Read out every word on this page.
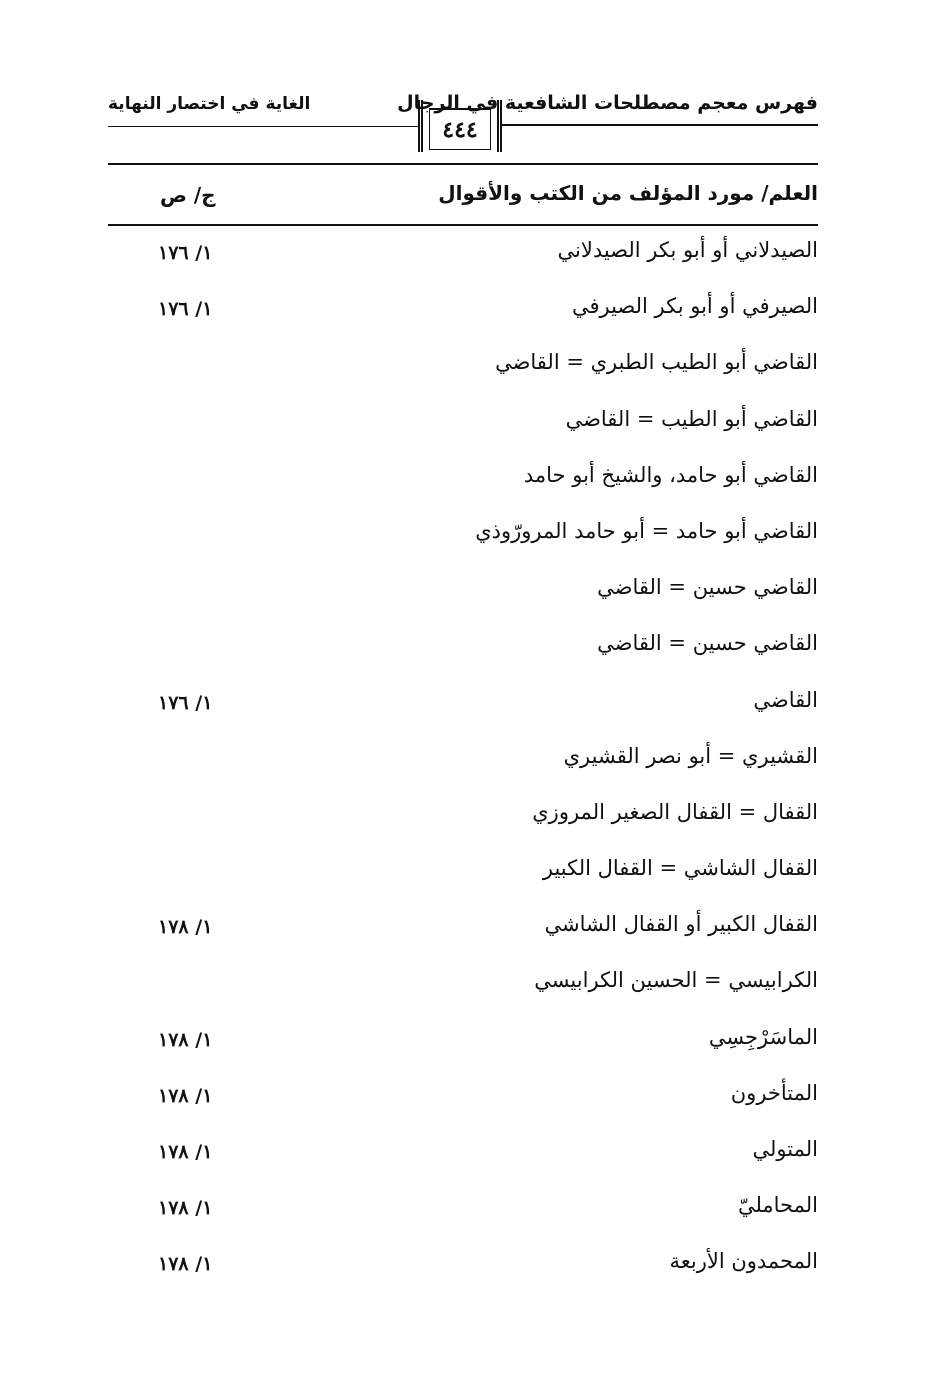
فهرس معجم مصطلحات الشافعية في الرجال
الغاية في اختصار النهاية
٤٤٤
العلم/ مورد المؤلف من الكتب والأقوال
ج/ ص
الصيدلاني أو أبو بكر الصيدلاني
١/ ١٧٦
الصيرفي أو أبو بكر الصيرفي
١/ ١٧٦
القاضي أبو الطيب الطبري = القاضي
القاضي أبو الطيب = القاضي
القاضي أبو حامد، والشيخ أبو حامد
القاضي أبو حامد = أبو حامد المرورّوذي
القاضي حسين = القاضي
القاضي حسين = القاضي
القاضي
١/ ١٧٦
القشيري = أبو نصر القشيري
القفال = القفال الصغير المروزي
القفال الشاشي = القفال الكبير
القفال الكبير أو القفال الشاشي
١/ ١٧٨
الكرابيسي = الحسين الكرابيسي
الماسَرْجِسِي
١/ ١٧٨
المتأخرون
١/ ١٧٨
المتولي
١/ ١٧٨
المحامليّ
١/ ١٧٨
المحمدون الأربعة
١/ ١٧٨
